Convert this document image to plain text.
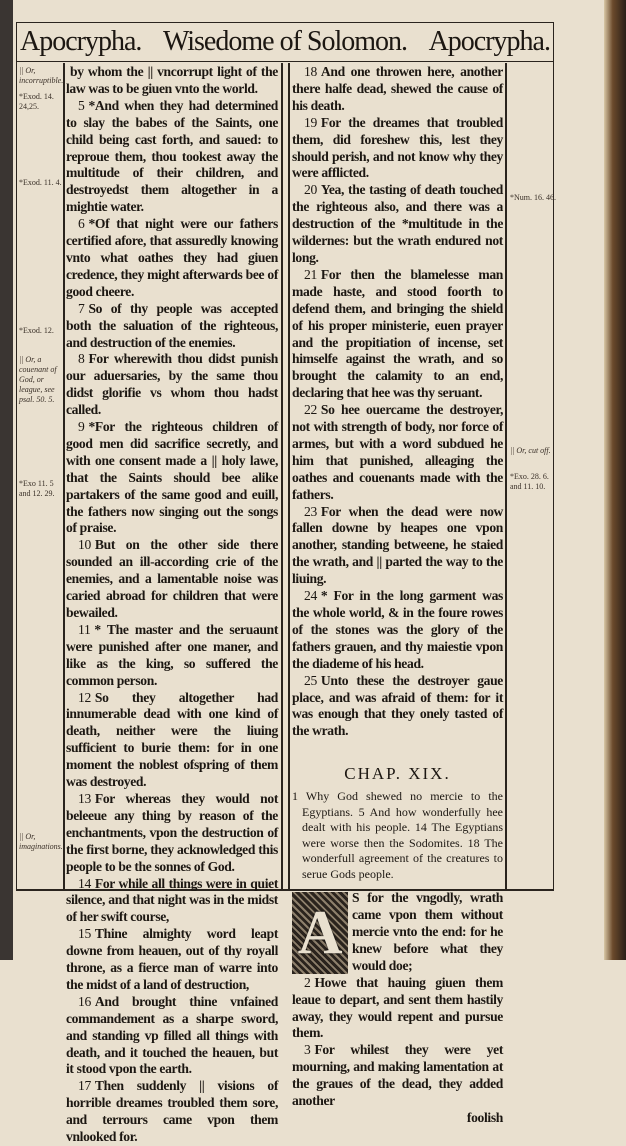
Apocrypha. Wisedome of Solomon. Apocrypha.
|| Or, incorruptible.
*Exod. 14. 24,25.
*Exod. 11. 4.
*Exod. 12.
|| Or, a couenant of God, or league, see psal. 50. 5.
*Exo 11. 5 and 12. 29.
|| Or, imaginations.
*Num. 16. 46.
|| Or, cut off.
*Exo. 28. 6. and 11. 10.

by whom the || vncorrupt light of the law was to be giuen vnto the world.

5 *And when they had determined to slay the babes of the Saints, one child being cast forth, and saued: to reproue them, thou tookest away the multitude of their children, and destroyedst them altogether in a mightie water.

6 *Of that night were our fathers certified afore, that assuredly knowing vnto what oathes they had giuen credence, they might afterwards bee of good cheere.

7 So of thy people was accepted both the saluation of the righteous, and destruction of the enemies.

8 For wherewith thou didst punish our aduersaries, by the same thou didst glorifie vs whom thou hadst called.

9 *For the righteous children of good men did sacrifice secretly, and with one consent made a || holy lawe, that the Saints should bee alike partakers of the same good and euill, the fathers now singing out the songs of praise.

10 But on the other side there sounded an ill-according crie of the enemies, and a lamentable noise was caried abroad for children that were bewailed.

11 * The master and the seruaunt were punished after one maner, and like as the king, so suffered the common person.

12 So they altogether had innumerable dead with one kind of death, neither were the liuing sufficient to burie them: for in one moment the noblest ofspring of them was destroyed.

13 For whereas they would not beleeue any thing by reason of the enchantments, vpon the destruction of the first borne, they acknowledged this people to be the sonnes of God.

14 For while all things were in quiet silence, and that night was in the midst of her swift course,

15 Thine almighty word leapt downe from heauen, out of thy royall throne, as a fierce man of warre into the midst of a land of destruction,

16 And brought thine vnfained commandement as a sharpe sword, and standing vp filled all things with death, and it touched the heauen, but it stood vpon the earth.

17 Then suddenly || visions of horrible dreames troubled them sore, and terrours came vpon them vnlooked for.

18 And one throwen here, another there halfe dead, shewed the cause of his death.

19 For the dreames that troubled them, did foreshew this, lest they should perish, and not know why they were afflicted.

20 Yea, the tasting of death touched the righteous also, and there was a destruction of the *multitude in the wildernes: but the wrath endured not long.

21 For then the blamelesse man made haste, and stood foorth to defend them, and bringing the shield of his proper ministerie, euen prayer and the propitiation of incense, set himselfe against the wrath, and so brought the calamity to an end, declaring that hee was thy seruant.

22 So hee ouercame the destroyer, not with strength of body, nor force of armes, but with a word subdued he him that punished, alleaging the oathes and couenants made with the fathers.

23 For when the dead were now fallen downe by heapes one vpon another, standing betweene, he staied the wrath, and || parted the way to the liuing.

24 * For in the long garment was the whole world, & in the foure rowes of the stones was the glory of the fathers grauen, and thy maiestie vpon the diademe of his head.

25 Unto these the destroyer gaue place, and was afraid of them: for it was enough that they onely tasted of the wrath.

CHAP. XIX.

1 Why God shewed no mercie to the Egyptians. 5 And how wonderfully hee dealt with his people. 14 The Egyptians were worse then the Sodomites. 18 The wonderfull agreement of the creatures to serue Gods people.

A

S for the vngodly, wrath came vpon them without mercie vnto the end: for he knew before what they would doe;

2 Howe that hauing giuen them leaue to depart, and sent them hastily away, they would repent and pursue them.

3 For whilest they were yet mourning, and making lamentation at the graues of the dead, they added another

foolish
